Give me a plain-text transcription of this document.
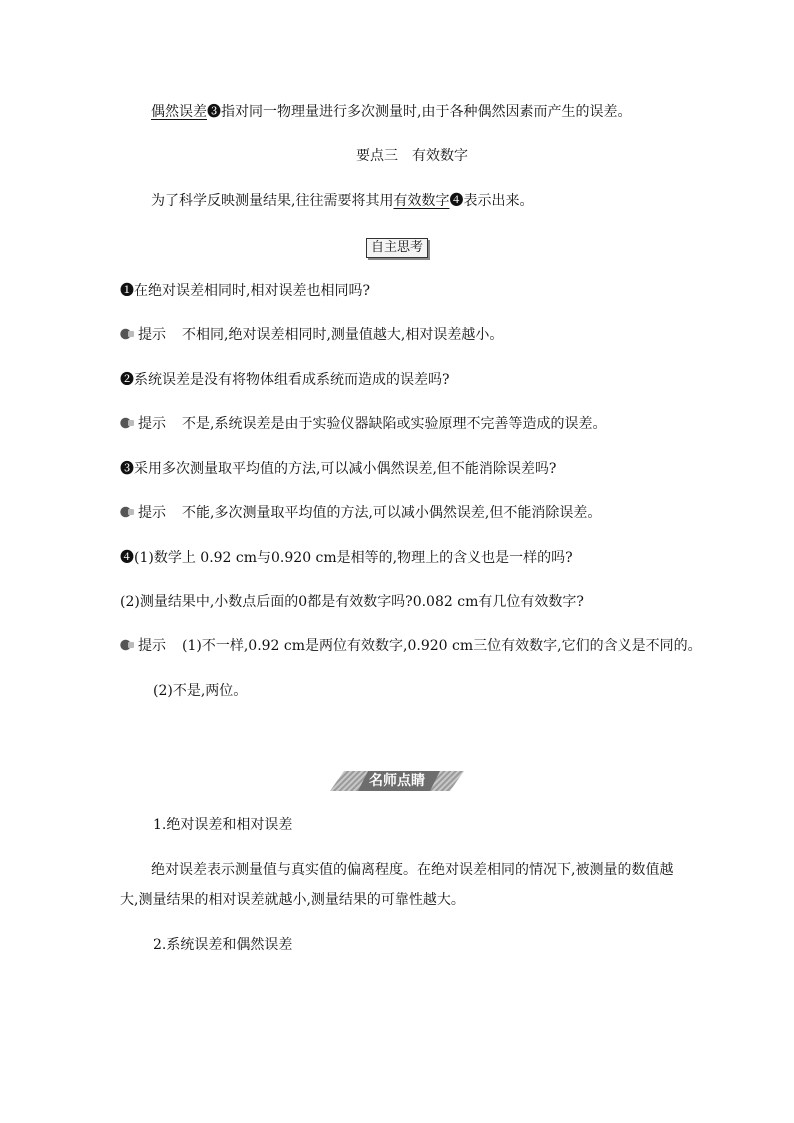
偶然误差❸指对同一物理量进行多次测量时,由于各种偶然因素而产生的误差。
要点三　有效数字
为了科学反映测量结果,往往需要将其用有效数字❹表示出来。
自主思考
❶在绝对误差相同时,相对误差也相同吗?
提示 不相同,绝对误差相同时,测量值越大,相对误差越小。
❷系统误差是没有将物体组看成系统而造成的误差吗?
提示 不是,系统误差是由于实验仪器缺陷或实验原理不完善等造成的误差。
❸采用多次测量取平均值的方法,可以减小偶然误差,但不能消除误差吗?
提示 不能,多次测量取平均值的方法,可以减小偶然误差,但不能消除误差。
❹(1)数学上 0.92 cm与0.920 cm是相等的,物理上的含义也是一样的吗?
(2)测量结果中,小数点后面的0都是有效数字吗?0.082 cm有几位有效数字?
提示 (1)不一样,0.92 cm是两位有效数字,0.920 cm三位有效数字,它们的含义是不同的。
(2)不是,两位。
名师点睛
1.绝对误差和相对误差
绝对误差表示测量值与真实值的偏离程度。在绝对误差相同的情况下,被测量的数值越
大,测量结果的相对误差就越小,测量结果的可靠性越大。
2.系统误差和偶然误差
